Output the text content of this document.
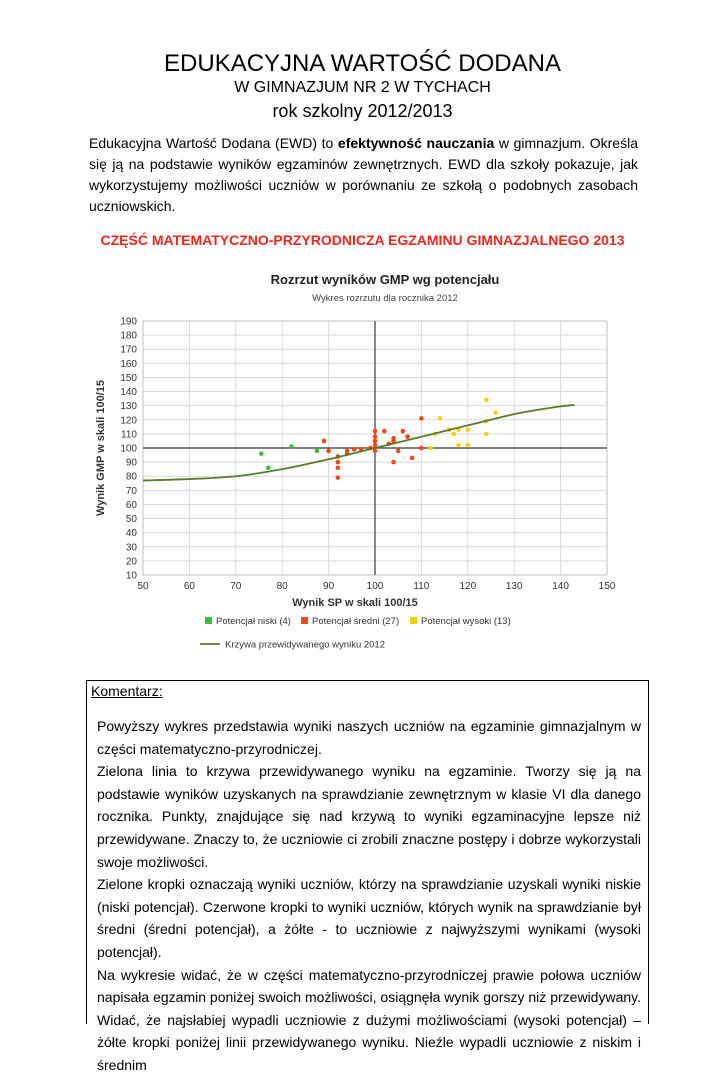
EDUKACYJNA WARTOŚĆ DODANA
W GIMNAZJUM NR 2 W TYCHACH
rok szkolny 2012/2013
Edukacyjna Wartość Dodana (EWD) to efektywność nauczania w gimnazjum. Określa się ją na podstawie wyników egzaminów zewnętrznych. EWD dla szkoły pokazuje, jak wykorzystujemy możliwości uczniów w porównaniu ze szkołą o podobnych zasobach uczniowskich.
CZĘŚĆ MATEMATYCZNO-PRZYRODNICZA EGZAMINU GIMNAZJALNEGO 2013
Rozrzut wyników GMP wg potencjału
Wykres rozrzutu dla rocznika 2012
10
20
30
40
50
60
70
80
90
100
110
120
130
140
150
160
170
180
190
50	60	70	80	90	100	110	120	130	140	150
Wynik SP w skali 100/15
Wynik GMP w skali 100/15
Potencjał niski (4) Potencjał średni (27) Potencjał wysoki (13)
Krzywa przewidywanego wyniku 2012
Komentarz:

Powyższy wykres przedstawia wyniki naszych uczniów na egzaminie gimnazjalnym w części matematyczno-przyrodniczej.

Zielona linia to krzywa przewidywanego wyniku na egzaminie. Tworzy się ją na podstawie wyników uzyskanych na sprawdzianie zewnętrznym w klasie VI dla danego rocznika. Punkty, znajdujące się nad krzywą to wyniki egzaminacyjne lepsze niż przewidywane. Znaczy to, że uczniowie ci zrobili znaczne postępy i dobrze wykorzystali swoje możliwości.

Zielone kropki oznaczają wyniki uczniów, którzy na sprawdzianie uzyskali wyniki niskie (niski potencjał). Czerwone kropki to wyniki uczniów, których wynik na sprawdzianie był średni (średni potencjał), a żółte - to uczniowie z najwyższymi wynikami (wysoki potencjał).

Na wykresie widać, że w części matematyczno-przyrodniczej prawie połowa uczniów napisała egzamin poniżej swoich możliwości, osiągnęła wynik gorszy niż przewidywany. Widać, że najsłabiej wypadli uczniowie z dużymi możliwościami (wysoki potencjał) – żółte kropki poniżej linii przewidywanego wyniku. Nieźle wypadli uczniowie z niskim i średnim
